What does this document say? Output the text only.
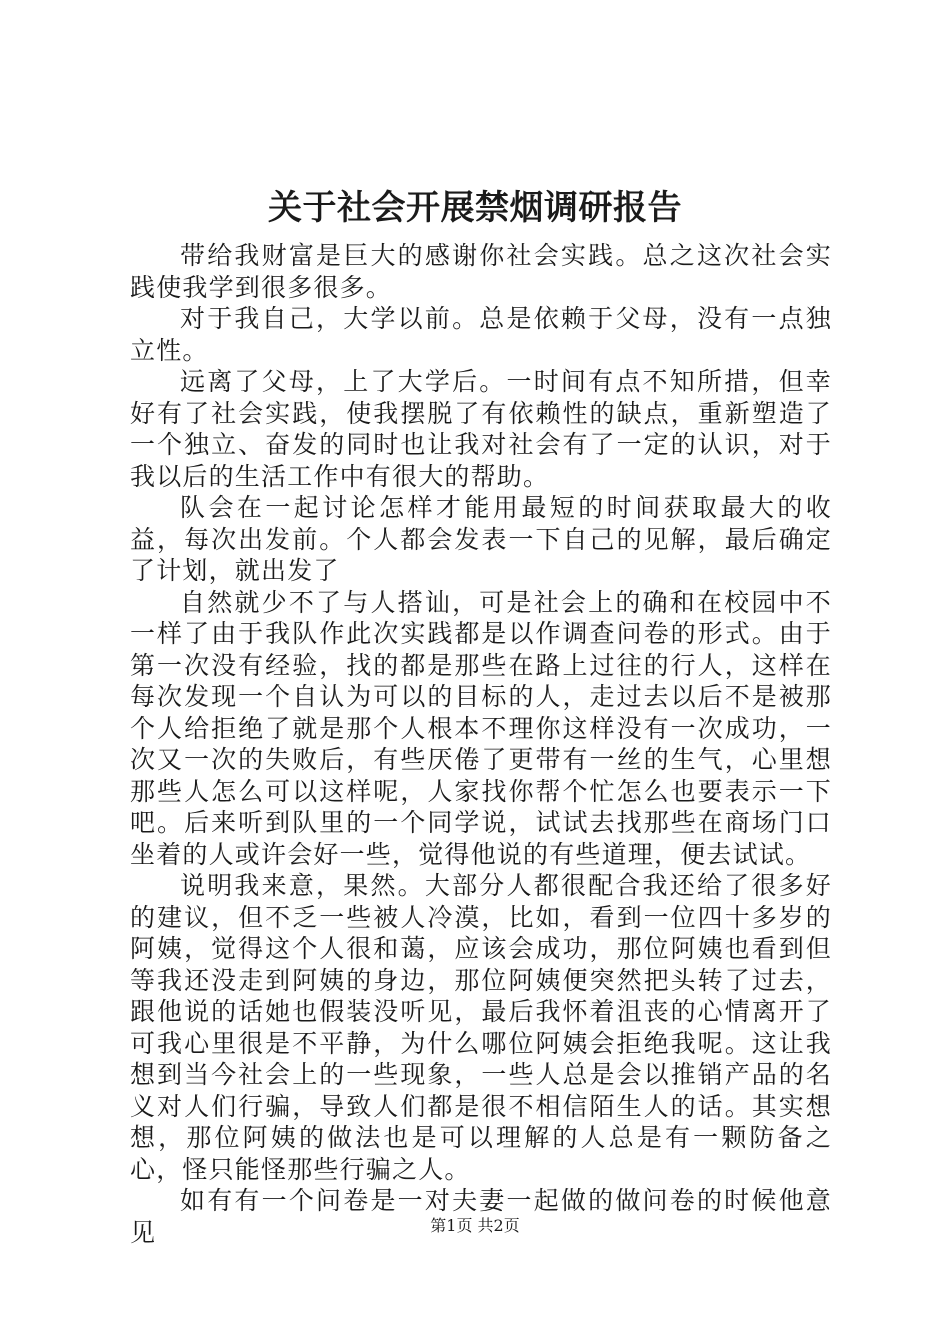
关于社会开展禁烟调研报告

带给我财富是巨大的感谢你社会实践。总之这次社会实践使我学到很多很多。

对于我自己，大学以前。总是依赖于父母，没有一点独立性。

远离了父母，上了大学后。一时间有点不知所措，但幸好有了社会实践，使我摆脱了有依赖性的缺点，重新塑造了一个独立、奋发的同时也让我对社会有了一定的认识，对于我以后的生活工作中有很大的帮助。

队会在一起讨论怎样才能用最短的时间获取最大的收益，每次出发前。个人都会发表一下自己的见解，最后确定了计划，就出发了

自然就少不了与人搭讪，可是社会上的确和在校园中不一样了由于我队作此次实践都是以作调查问卷的形式。由于第一次没有经验，找的都是那些在路上过往的行人，这样在每次发现一个自认为可以的目标的人，走过去以后不是被那个人给拒绝了就是那个人根本不理你这样没有一次成功，一次又一次的失败后，有些厌倦了更带有一丝的生气，心里想那些人怎么可以这样呢，人家找你帮个忙怎么也要表示一下吧。后来听到队里的一个同学说，试试去找那些在商场门口坐着的人或许会好一些，觉得他说的有些道理，便去试试。

说明我来意，果然。大部分人都很配合我还给了很多好的建议，但不乏一些被人冷漠，比如，看到一位四十多岁的阿姨，觉得这个人很和蔼，应该会成功，那位阿姨也看到但等我还没走到阿姨的身边，那位阿姨便突然把头转了过去，跟他说的话她也假装没听见，最后我怀着沮丧的心情离开了可我心里很是不平静，为什么哪位阿姨会拒绝我呢。这让我想到当今社会上的一些现象，一些人总是会以推销产品的名义对人们行骗，导致人们都是很不相信陌生人的话。其实想想，那位阿姨的做法也是可以理解的人总是有一颗防备之心，怪只能怪那些行骗之人。

如有有一个问卷是一对夫妻一起做的做问卷的时候他意见	第1页 共2页
